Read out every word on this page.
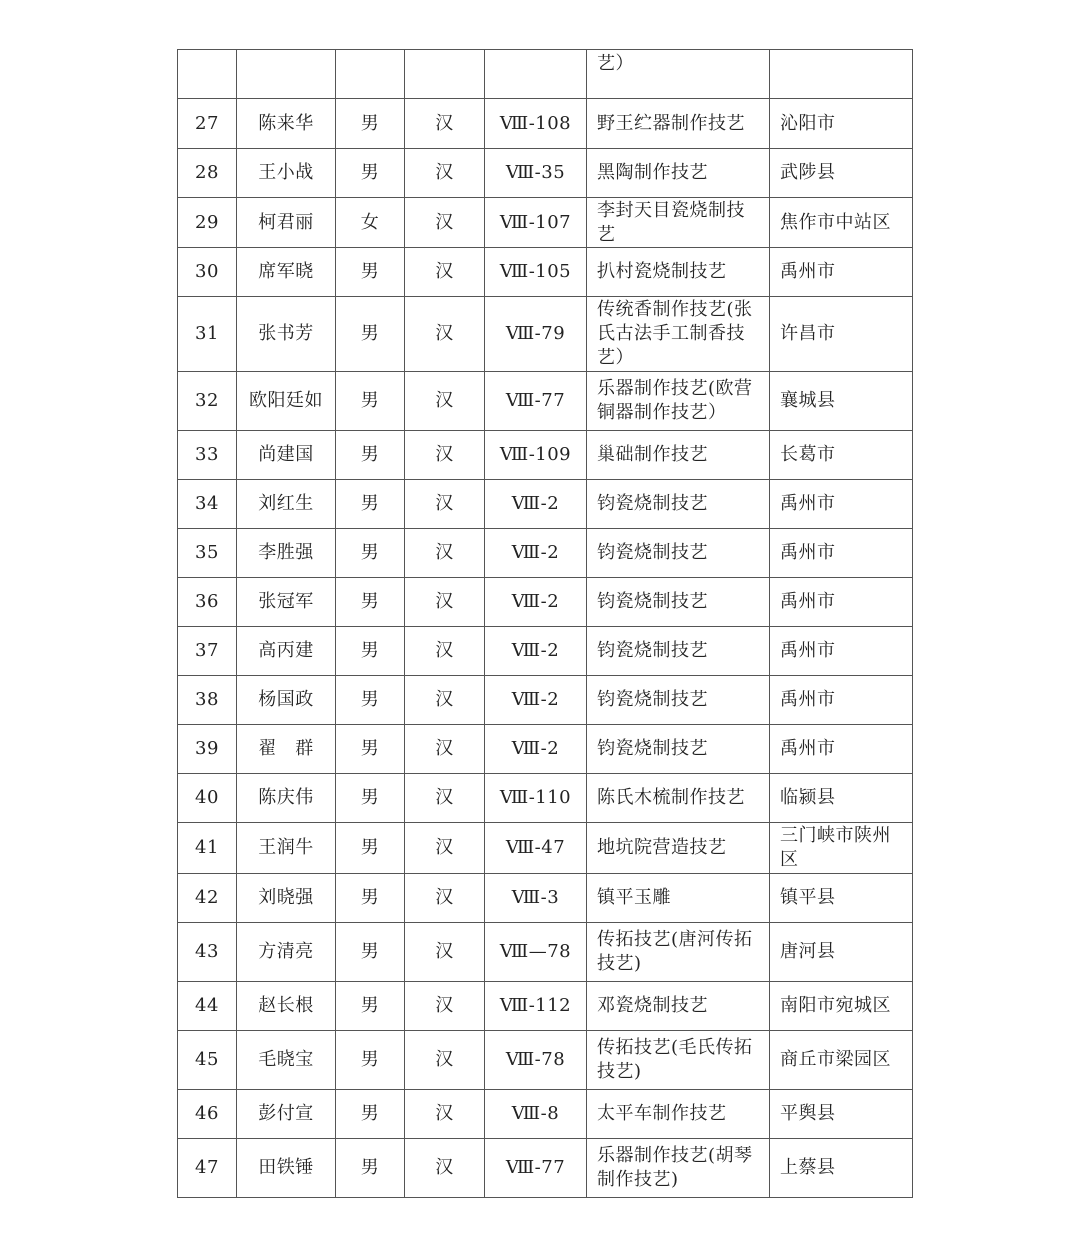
					艺）	
27	陈来华	男	汉	Ⅷ-108	野王纻器制作技艺	沁阳市
28	王小战	男	汉	Ⅷ-35	黑陶制作技艺	武陟县
29	柯君丽	女	汉	Ⅷ-107	李封天目瓷烧制技艺	焦作市中站区
30	席军晓	男	汉	Ⅷ-105	扒村瓷烧制技艺	禹州市
31	张书芳	男	汉	Ⅷ-79	传统香制作技艺(张氏古法手工制香技艺）	许昌市
32	欧阳廷如	男	汉	Ⅷ-77	乐器制作技艺(欧营铜器制作技艺）	襄城县
33	尚建国	男	汉	Ⅷ-109	巢础制作技艺	长葛市
34	刘红生	男	汉	Ⅷ-2	钧瓷烧制技艺	禹州市
35	李胜强	男	汉	Ⅷ-2	钧瓷烧制技艺	禹州市
36	张冠军	男	汉	Ⅷ-2	钧瓷烧制技艺	禹州市
37	高丙建	男	汉	Ⅷ-2	钧瓷烧制技艺	禹州市
38	杨国政	男	汉	Ⅷ-2	钧瓷烧制技艺	禹州市
39	翟　群	男	汉	Ⅷ-2	钧瓷烧制技艺	禹州市
40	陈庆伟	男	汉	Ⅷ-110	陈氏木梳制作技艺	临颍县
41	王润牛	男	汉	Ⅷ-47	地坑院营造技艺	三门峡市陕州区
42	刘晓强	男	汉	Ⅷ-3	镇平玉雕	镇平县
43	方清亮	男	汉	Ⅷ—78	传拓技艺(唐河传拓技艺)	唐河县
44	赵长根	男	汉	Ⅷ-112	邓瓷烧制技艺	南阳市宛城区
45	毛晓宝	男	汉	Ⅷ-78	传拓技艺(毛氏传拓技艺)	商丘市梁园区
46	彭付宣	男	汉	Ⅷ-8	太平车制作技艺	平舆县
47	田铁锤	男	汉	Ⅷ-77	乐器制作技艺(胡琴制作技艺)	上蔡县
